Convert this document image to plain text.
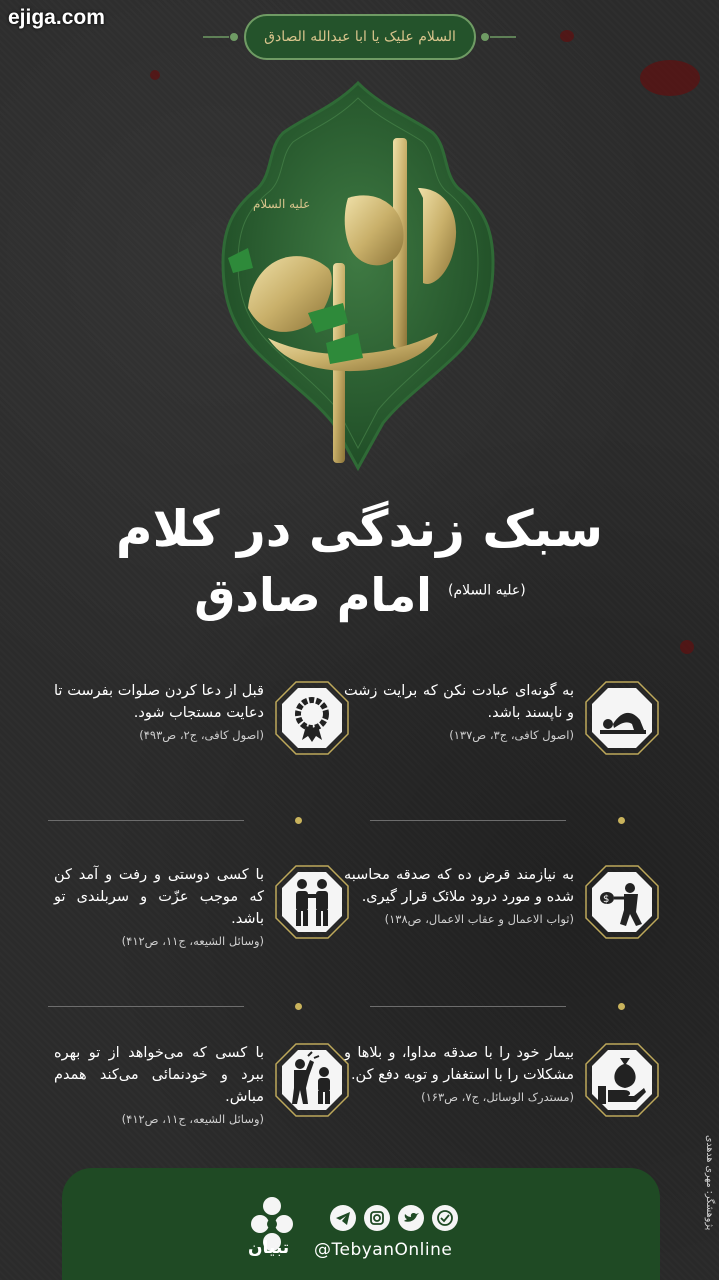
ejiga.com
السلام علیک یا ابا عبدالله الصادق
علیه السلام
سبک زندگی در کلام
$^{(علیه السلام)}$ امام صادق
به گونه‌ای عبادت نکن که برایت زشت و ناپسند باشد.
(اصول کافی، ج۳، ص۱۳۷)
قبل از دعا کردن صلوات بفرست تا دعایت مستجاب شود.
(اصول کافی، ج۲، ص۴۹۳)
$
به نیازمند قرض ده که صدقه محاسبه شده و مورد درود ملائک قرار گیری.
(ثواب الاعمال و عقاب الاعمال، ص۱۳۸)
با کسی دوستی و رفت و آمد کن که موجب عزّت و سربلندی تو باشد.
(وسائل الشیعه، ج۱۱، ص۴۱۲)
بیمار خود را با صدقه مداوا، و بلاها و مشکلات را با استغفار و توبه دفع کن.
(مستدرک الوسائل، ج۷، ص۱۶۳)
با کسی که می‌خواهد از تو بهره ببرد و خودنمائی می‌کند همدم مباش.
(وسائل الشیعه، ج۱۱، ص۴۱۲)
پژوهشگر: مهری هدهدی
تبیان @TebyanOnline
